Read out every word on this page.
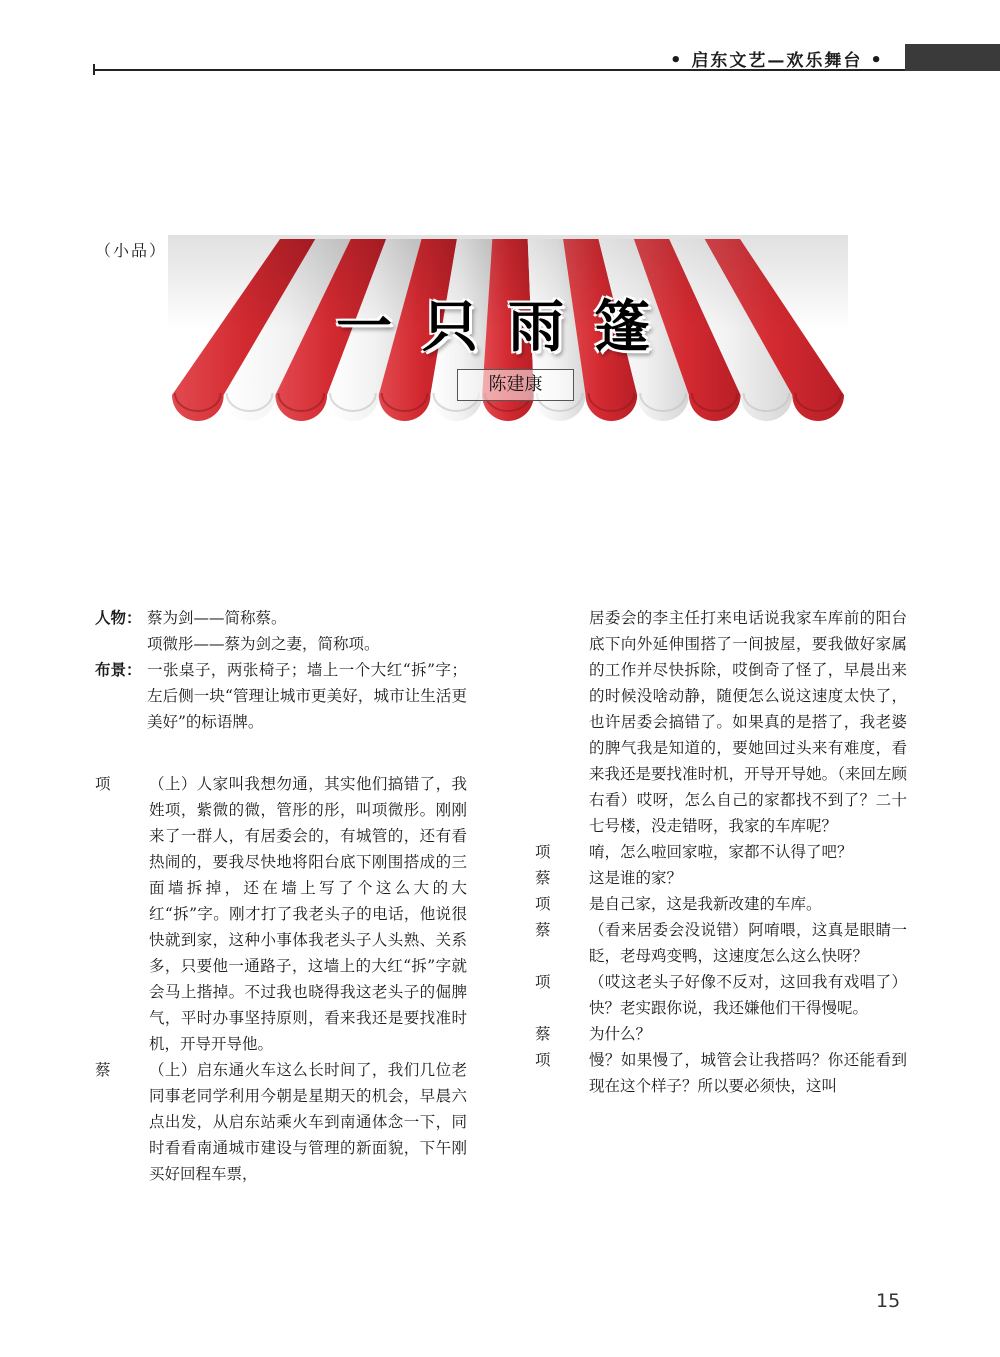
• 启东文艺—欢乐舞台 •
（小品）
一只雨篷
陈建康
人物： 蔡为剑——简称蔡。
项微彤——蔡为剑之妻，简称项。
布景： 一张桌子，两张椅子；墙上一个大红“拆”字；左后侧一块“管理让城市更美好，城市让生活更美好”的标语牌。
项 （上）人家叫我想勿通，其实他们搞错了，我姓项，紫微的微，管彤的彤，叫项微彤。刚刚来了一群人，有居委会的，有城管的，还有看热闹的，要我尽快地将阳台底下刚围搭成的三面墙拆掉，还在墙上写了个这么大的大红“拆”字。刚才打了我老头子的电话，他说很快就到家，这种小事体我老头子人头熟、关系多，只要他一通路子，这墙上的大红“拆”字就会马上揩掉。不过我也晓得我这老头子的倔脾气，平时办事坚持原则，看来我还是要找准时机，开导开导他。
蔡 （上）启东通火车这么长时间了，我们几位老同事老同学利用今朝是星期天的机会，早晨六点出发，从启东站乘火车到南通体念一下，同时看看南通城市建设与管理的新面貌，下午刚买好回程车票，
居委会的李主任打来电话说我家车库前的阳台底下向外延伸围搭了一间披屋，要我做好家属的工作并尽快拆除，哎倒奇了怪了，早晨出来的时候没啥动静，随便怎么说这速度太快了，也许居委会搞错了。如果真的是搭了，我老婆的脾气我是知道的，要她回过头来有难度，看来我还是要找准时机，开导开导她。（来回左顾右看）哎呀，怎么自己的家都找不到了？二十七号楼，没走错呀，我家的车库呢？
项 唷，怎么啦回家啦，家都不认得了吧？
蔡 这是谁的家？
项 是自己家，这是我新改建的车库。
蔡 （看来居委会没说错）阿唷喂，这真是眼睛一眨，老母鸡变鸭，这速度怎么这么快呀？
项 （哎这老头子好像不反对，这回我有戏唱了）快？老实跟你说，我还嫌他们干得慢呢。
蔡 为什么？
项 慢？如果慢了，城管会让我搭吗？你还能看到现在这个样子？所以要必须快，这叫
15
